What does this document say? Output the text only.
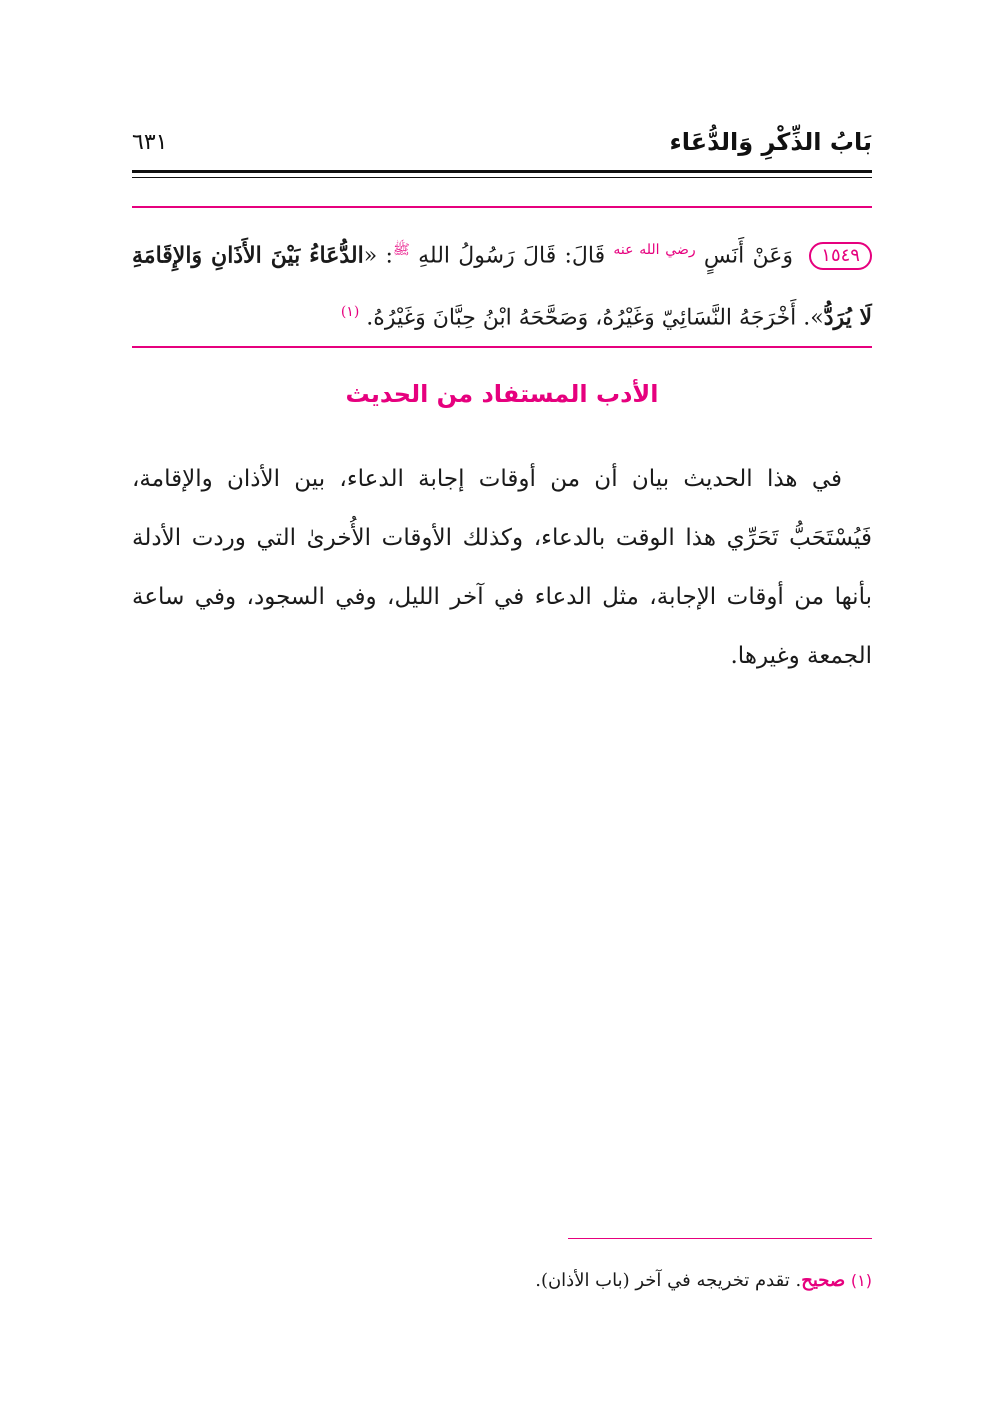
بَابُ الذِّكْرِ وَالدُّعَاء
٦٣١
١٥٤٩ وَعَنْ أَنَسٍ $^{رضي الله عنه}$ قَالَ: قَالَ رَسُولُ اللهِ $^ﷺ$: «الدُّعَاءُ بَيْنَ الأَذَانِ وَالإِقَامَةِ لَا يُرَدُّ». أَخْرَجَهُ النَّسَائِيّ وَغَيْرُهُ، وَصَحَّحَهُ ابْنُ حِبَّانَ وَغَيْرُهُ. $^{(١)}$
الأدب المستفاد من الحديث
في هذا الحديث بيان أن من أوقات إجابة الدعاء، بين الأذان والإقامة، فَيُسْتَحَبُّ تَحَرِّي هذا الوقت بالدعاء، وكذلك الأوقات الأُخرىٰ التي وردت الأدلة بأنها من أوقات الإجابة، مثل الدعاء في آخر الليل، وفي السجود، وفي ساعة الجمعة وغيرها.
(١) صحيح. تقدم تخريجه في آخر (باب الأذان).
